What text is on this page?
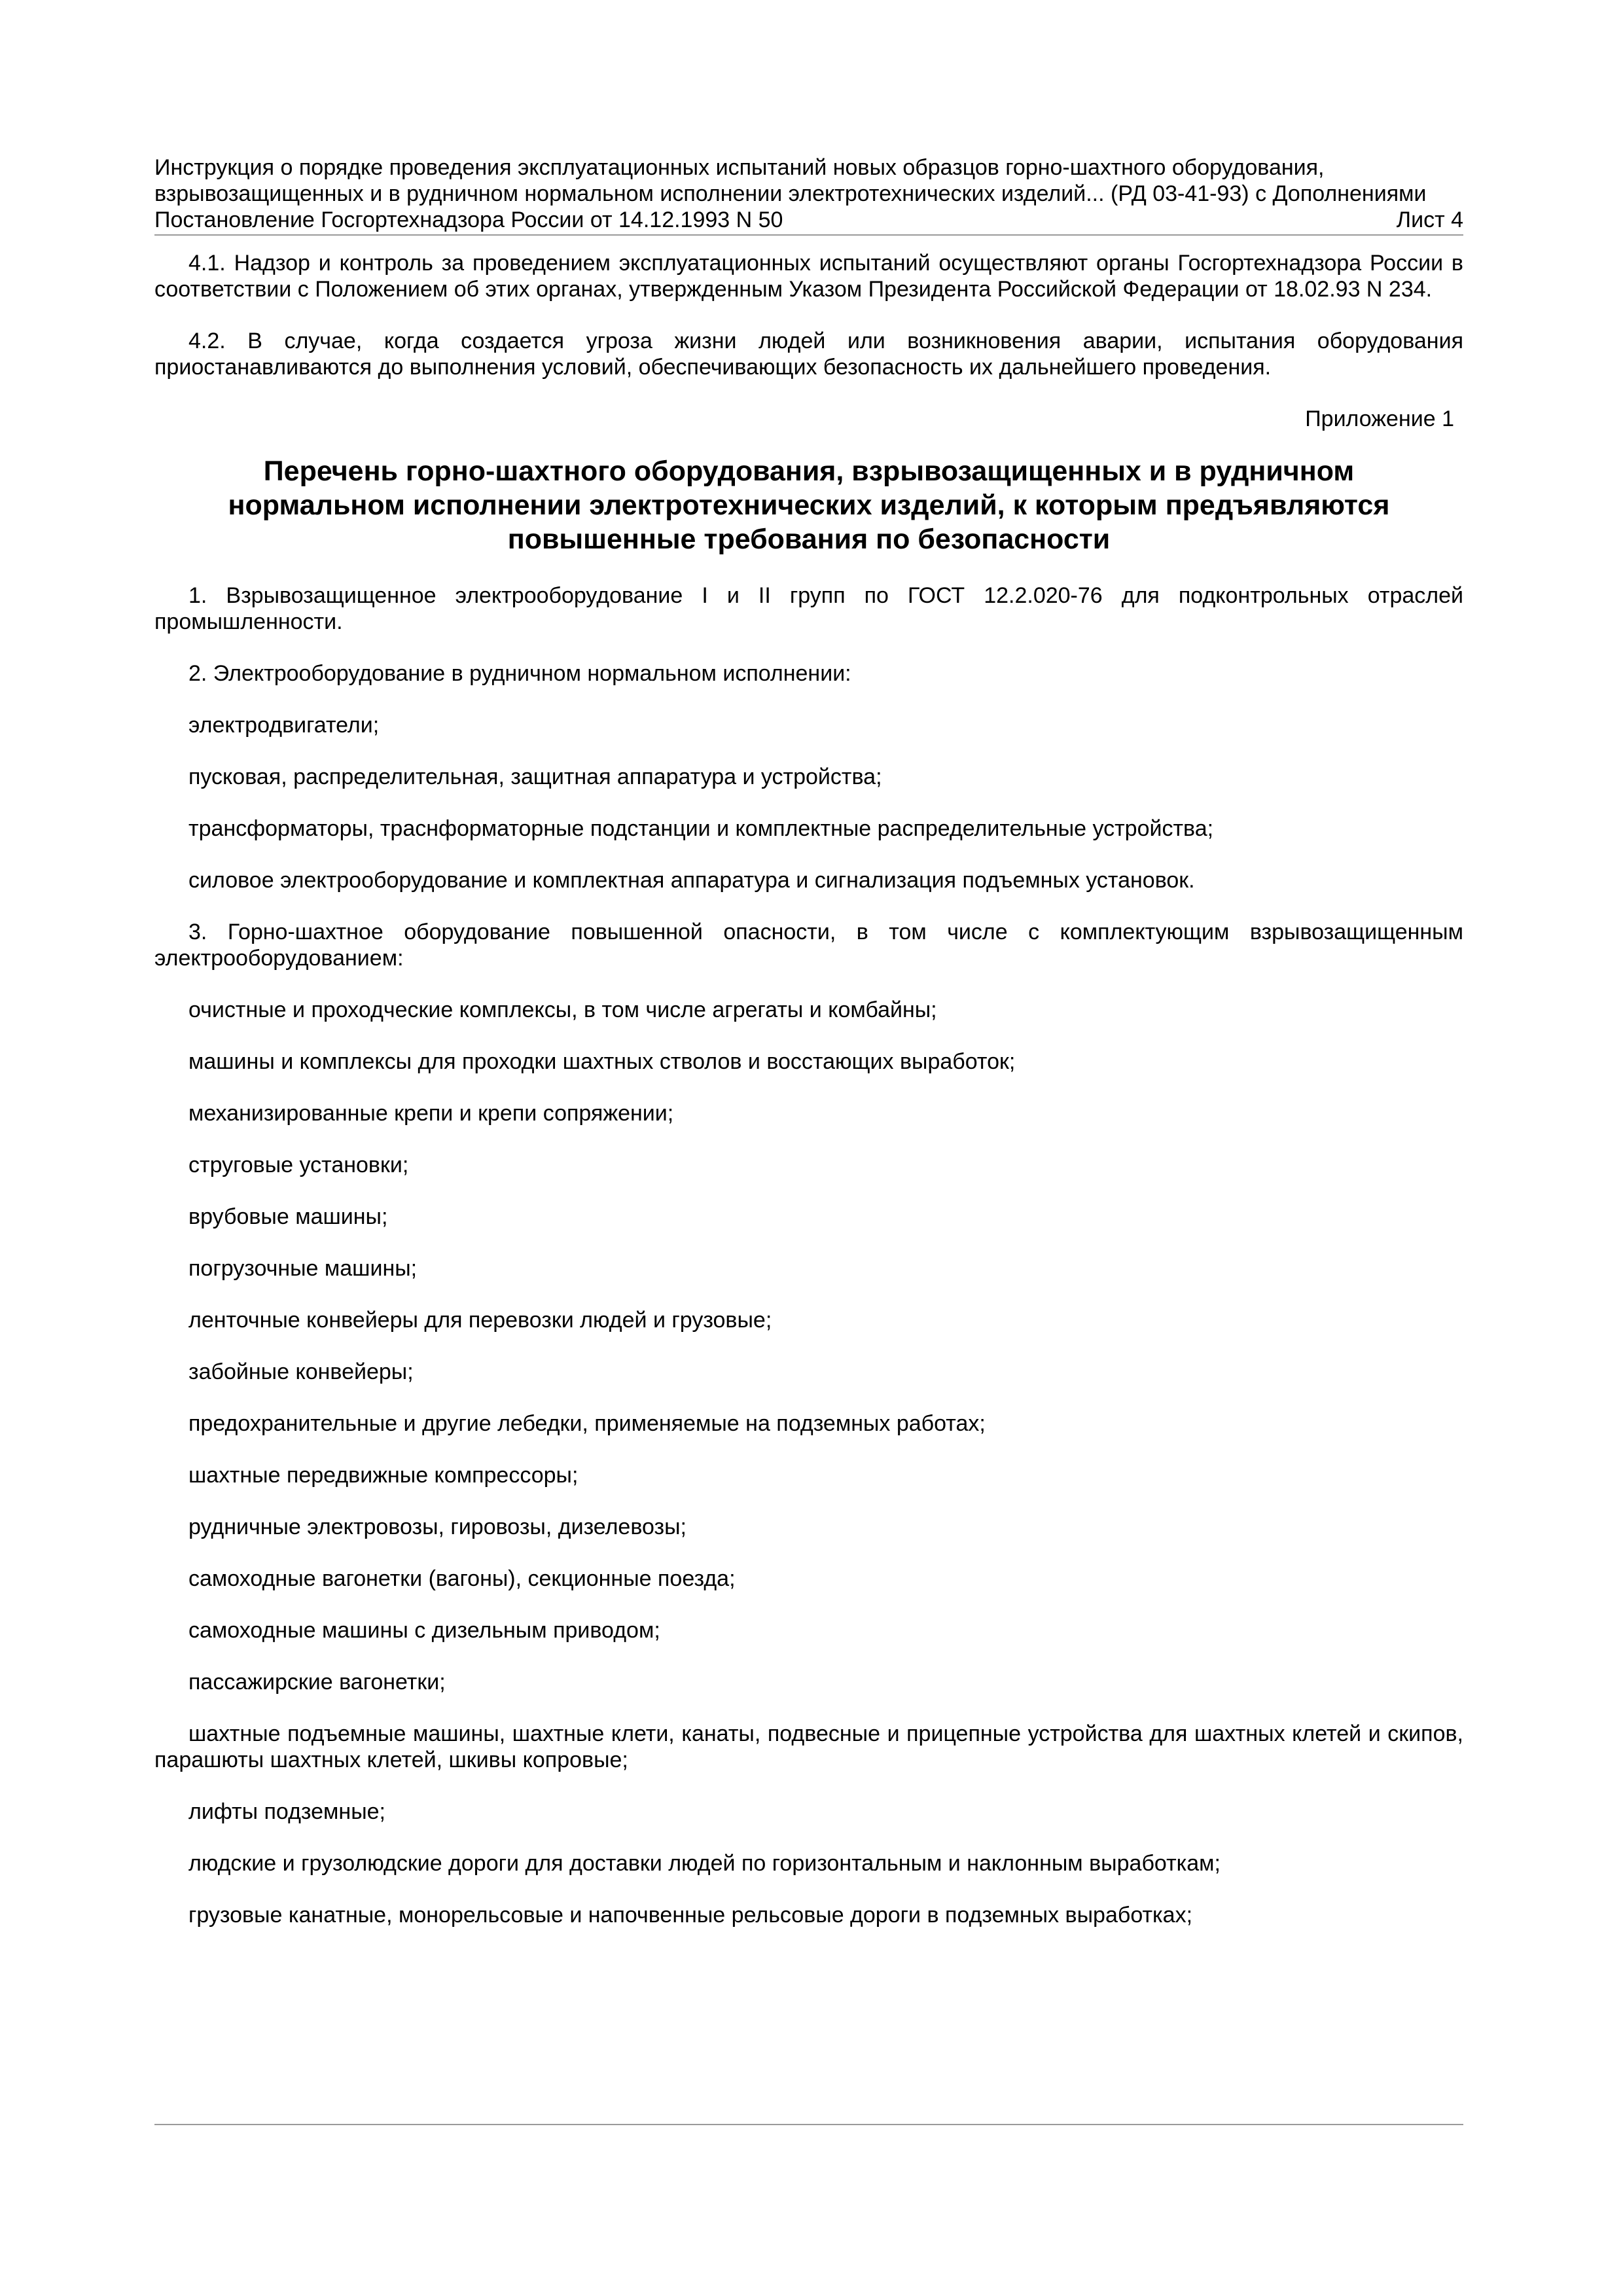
Инструкция о порядке проведения эксплуатационных испытаний новых образцов горно-шахтного оборудования, взрывозащищенных и в рудничном нормальном исполнении электротехнических изделий... (РД 03-41-93) с Дополнениями
Постановление Госгортехнадзора России от 14.12.1993 N 50	Лист 4

4.1. Надзор и контроль за проведением эксплуатационных испытаний осуществляют органы Госгортехнадзора России в соответствии с Положением об этих органах, утвержденным Указом Президента Российской Федерации от 18.02.93 N 234.

4.2. В случае, когда создается угроза жизни людей или возникновения аварии, испытания оборудования приостанавливаются до выполнения условий, обеспечивающих безопасность их дальнейшего проведения.

Приложение 1

Перечень горно-шахтного оборудования, взрывозащищенных и в рудничном нормальном исполнении электротехнических изделий, к которым предъявляются повышенные требования по безопасности

1. Взрывозащищенное электрооборудование I и II групп по ГОСТ 12.2.020-76 для подконтрольных отраслей промышленности.

2. Электрооборудование в рудничном нормальном исполнении:

электродвигатели;

пусковая, распределительная, защитная аппаратура и устройства;

трансформаторы, траснформаторные подстанции и комплектные распределительные устройства;

силовое электрооборудование и комплектная аппаратура и сигнализация подъемных установок.

3. Горно-шахтное оборудование повышенной опасности, в том числе с комплектующим взрывозащищенным электрооборудованием:

очистные и проходческие комплексы, в том числе агрегаты и комбайны;

машины и комплексы для проходки шахтных стволов и восстающих выработок;

механизированные крепи и крепи сопряжении;

струговые установки;

врубовые машины;

погрузочные машины;

ленточные конвейеры для перевозки людей и грузовые;

забойные конвейеры;

предохранительные и другие лебедки, применяемые на подземных работах;

шахтные передвижные компрессоры;

рудничные электровозы, гировозы, дизелевозы;

самоходные вагонетки (вагоны), секционные поезда;

самоходные машины с дизельным приводом;

пассажирские вагонетки;

шахтные подъемные машины, шахтные клети, канаты, подвесные и прицепные устройства для шахтных клетей и скипов, парашюты шахтных клетей, шкивы копровые;

лифты подземные;

людские и грузолюдские дороги для доставки людей по горизонтальным и наклонным выработкам;

грузовые канатные, монорельсовые и напочвенные рельсовые дороги в подземных выработках;
